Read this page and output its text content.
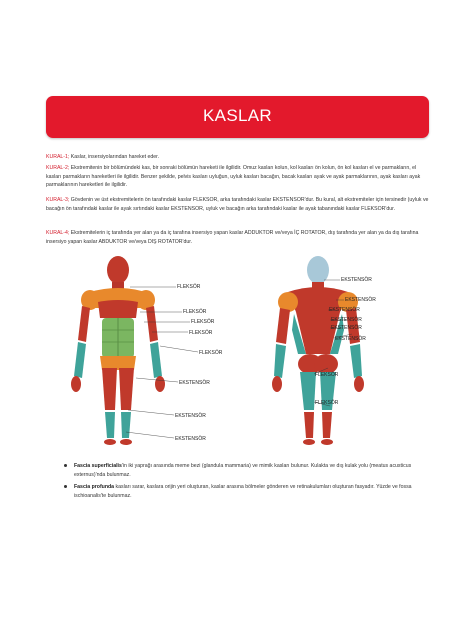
KASLAR
KURAL-1; Kaslar, insersiyolarından hareket eder.
KURAL-2; Ekstremitenin bir bölümündeki kas, bir sonraki bölümün hareketi ile ilgilidir. Omuz kasları kolun, kol kasları ön kolun, ön kol kasları el ve parmakların, el kasları parmakların hareketleri ile ilgilidir. Benzer şekilde, pelvis kasları uyluğun, uyluk kasları bacağın, bacak kasları ayak ve ayak parmaklarının, ayak kasları ayak parmaklarının hareketleri ile ilgilidir.
KURAL-3; Gövdenin ve üst ekstremitelerin ön tarafındaki kaslar FLEKSOR, arka tarafındaki kaslar EKSTENSOR'dur. Bu kural, alt ekstremiteler için tersinedir (uyluk ve bacağın ön tarafındaki kaslar ile ayak sırtındaki kaslar EKSTENSOR, uyluk ve bacağın arka tarafındaki kaslar ile ayak tabanındaki kaslar FLEKSOR'dur.
KURAL-4; Ekstremitelerin iç tarafında yer alan ya da iç tarafına insersiyo yapan kaslar ADDUKTOR ve/veya İÇ ROTATOR, dış tarafında yer alan ya da dış tarafına insersiyo yapan kaslar ABDUKTOR ve/veya DIŞ ROTATOR'dur.
FLEKSÖR
FLEKSÖR
FLEKSÖR
FLEKSÖR
FLEKSÖR
EKSTENSÖR
EKSTENSÖR
EKSTENSÖR
EKSTENSÖR
EKSTENSÖR
EKSTENSÖR
EKSTENSÖR
EKSTENSÖR
EKSTENSÖR
FLEKSÖR
FLEKSÖR
Fascia superficialis'in iki yaprağı arasında meme bezi (glandula mammaria) ve mimik kasları bulunur. Kulakta ve dış kulak yolu (meatus acusticus externus)'nda bulunmaz.
Fascia profunda kasları sarar, kaslara orijin yeri oluşturan, kaslar arasına bölmeler gönderen ve retinakulumları oluşturan fasyadır. Yüzde ve fossa ischioanalis'te bulunmaz.
